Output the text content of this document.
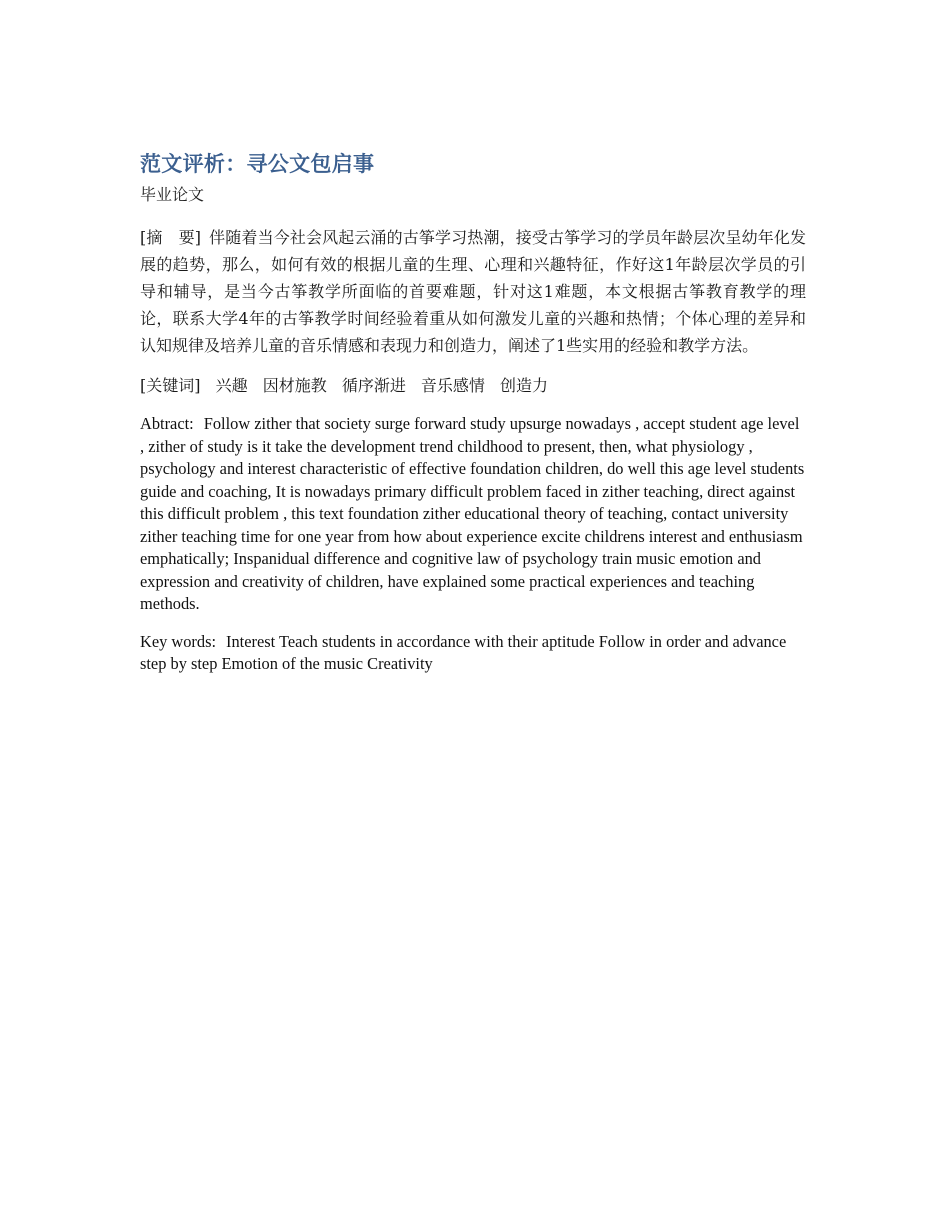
范文评析：寻公文包启事
毕业论文

[摘　要] 伴随着当今社会风起云涌的古筝学习热潮，接受古筝学习的学员年龄层次呈幼年化发展的趋势，那么，如何有效的根据儿童的生理、心理和兴趣特征，作好这1年龄层次学员的引导和辅导，是当今古筝教学所面临的首要难题，针对这1难题，本文根据古筝教育教学的理论，联系大学4年的古筝教学时间经验着重从如何激发儿童的兴趣和热情；个体心理的差异和认知规律及培养儿童的音乐情感和表现力和创造力，阐述了1些实用的经验和教学方法。

[关键词] 兴趣 因材施教 循序渐进 音乐感情 创造力

Abtract: Follow zither that society surge forward study upsurge nowadays , accept student age level , zither of study is it take the development trend childhood to present, then, what physiology , psychology and interest characteristic of effective foundation children, do well this age level students guide and coaching, It is nowadays primary difficult problem faced in zither teaching, direct against this difficult problem , this text foundation zither educational theory of teaching, contact university zither teaching time for one year from how about experience excite childrens interest and enthusiasm emphatically; Inspanidual difference and cognitive law of psychology train music emotion and expression and creativity of children, have explained some practical experiences and teaching methods.

Key words: Interest Teach students in accordance with their aptitude Follow in order and advance step by step Emotion of the music Creativity
